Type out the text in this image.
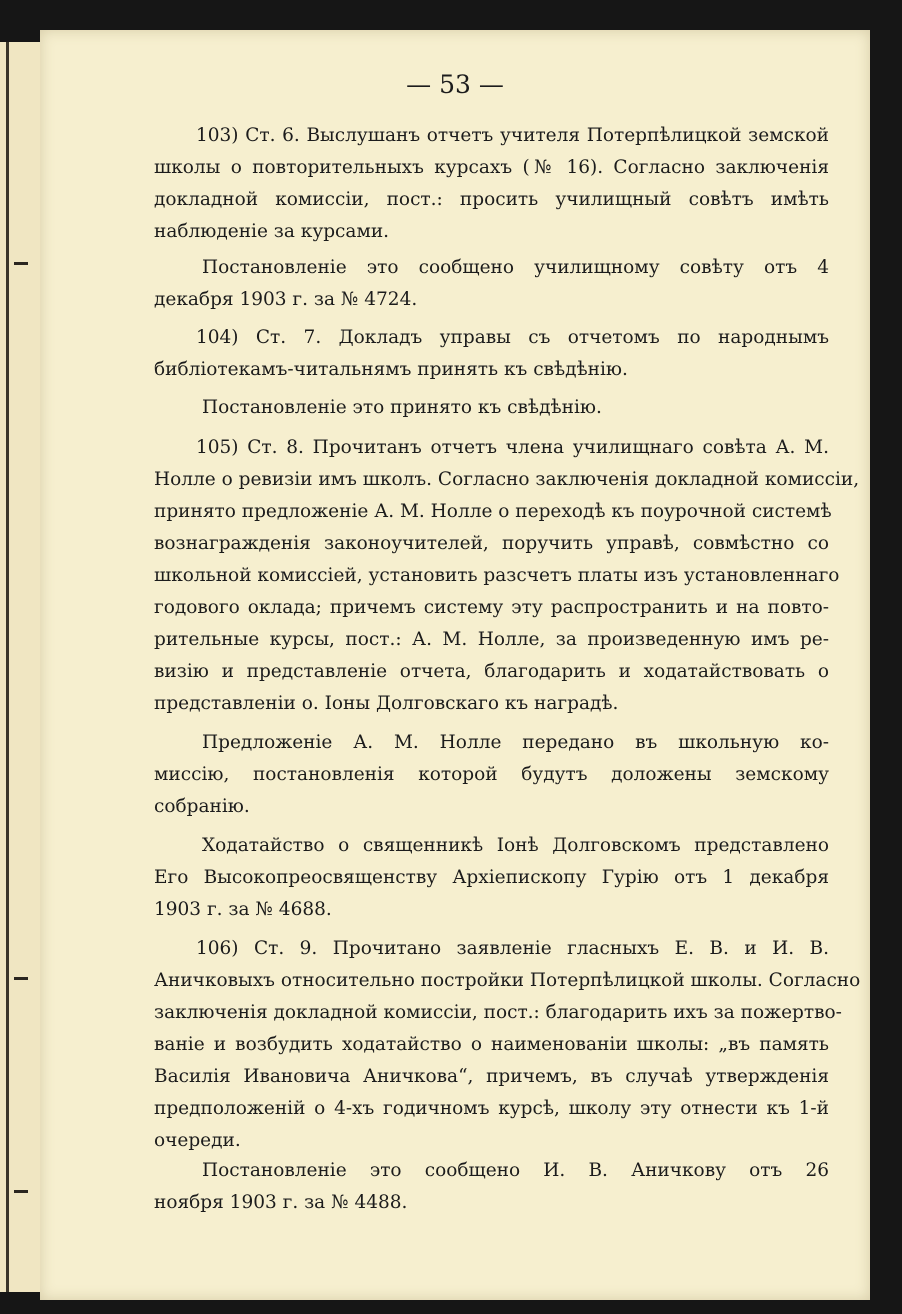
— 53 —
103) Ст. 6. Выслушанъ отчетъ учителя Потерпѣлицкой земской
школы о повторительныхъ курсахъ (№ 16). Согласно заключенія
докладной комиссіи, пост.: просить училищный совѣтъ имѣть
наблюденіе за курсами.
Постановленіе это сообщено училищному совѣту отъ 4
декабря 1903 г. за № 4724.
104) Ст. 7. Докладъ управы съ отчетомъ по народнымъ
библіотекамъ-читальнямъ принять къ свѣдѣнію.
Постановленіе это принято къ свѣдѣнію.
105) Ст. 8. Прочитанъ отчетъ члена училищнаго совѣта А. М.
Нолле о ревизіи имъ школъ. Согласно заключенія докладной комиссіи,
принято предложеніе А. М. Нолле о переходѣ къ поурочной системѣ
вознагражденія законоучителей, поручить управѣ, совмѣстно со
школьной комиссіей, установить разсчетъ платы изъ установленнаго
годового оклада; причемъ систему эту распространить и на повто-
рительные курсы, пост.: А. М. Нолле, за произведенную имъ ре-
визію и представленіе отчета, благодарить и ходатайствовать о
представленіи о. Іоны Долговскаго къ наградѣ.
Предложеніе А. М. Нолле передано въ школьную ко-
миссію, постановленія которой будутъ доложены земскому
собранію.
Ходатайство о священникѣ Іонѣ Долговскомъ представлено
Его Высокопреосвященству Архіепископу Гурію отъ 1 декабря
1903 г. за № 4688.
106) Ст. 9. Прочитано заявленіе гласныхъ Е. В. и И. В.
Аничковыхъ относительно постройки Потерпѣлицкой школы. Согласно
заключенія докладной комиссіи, пост.: благодарить ихъ за пожертво-
ваніе и возбудить ходатайство о наименованіи школы: „въ память
Василія Ивановича Аничкова“, причемъ, въ случаѣ утвержденія
предположеній о 4-хъ годичномъ курсѣ, школу эту отнести къ 1-й
очереди.
Постановленіе это сообщено И. В. Аничкову отъ 26
ноября 1903 г. за № 4488.
